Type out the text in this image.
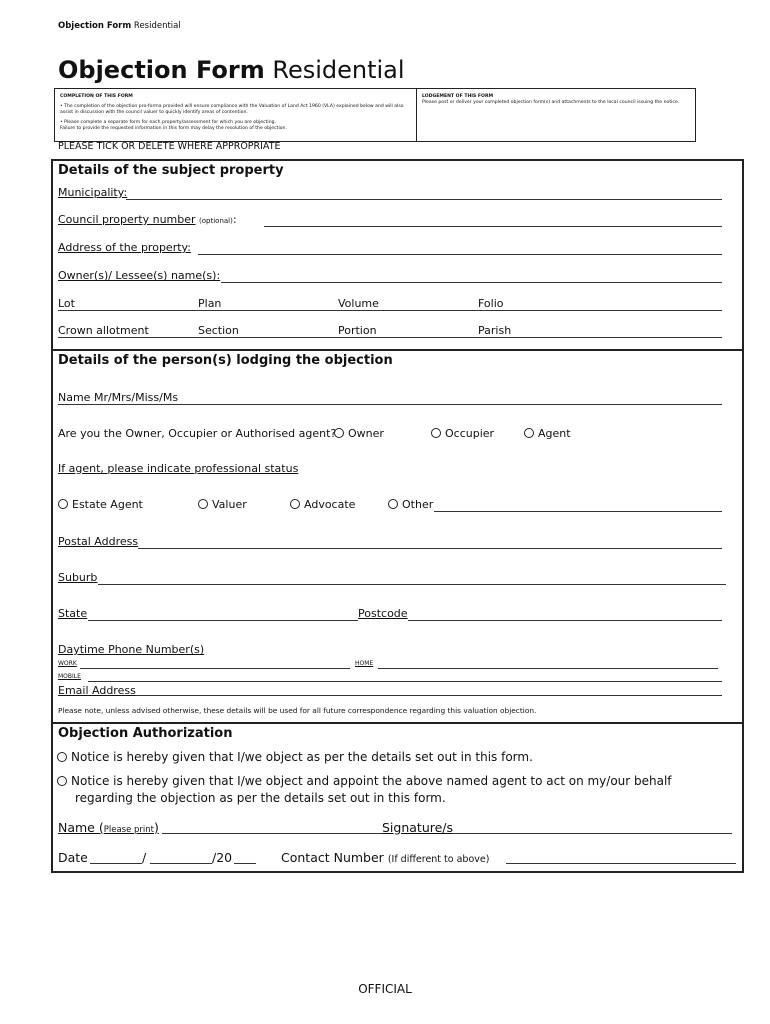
Objection Form Residential
Objection Form Residential

COMPLETION OF THIS FORM

• The completion of the objection pro-forma provided will ensure compliance with the Valuation of Land Act 1960 (VLA) explained below and will also assist in discussion with the council valuer to quickly identify areas of contention.

• Please complete a separate form for each property/assessment for which you are objecting.

Failure to provide the requested information in this form may delay the resolution of the objection.

LODGEMENT OF THIS FORM

Please post or deliver your completed objection form(s) and attachments to the local council issuing the notice.

PLEASE TICK OR DELETE WHERE APPROPRIATE
Details of the subject property
Municipality:
Council property number (optional):
Address of the property:
Owner(s)/ Lessee(s) name(s):
Lot	Plan	Volume	Folio
Crown allotment	Section	Portion	Parish
Details of the person(s) lodging the objection
Name Mr/Mrs/Miss/Ms
Are you the Owner, Occupier or Authorised agent?	Owner	Occupier	Agent
If agent, please indicate professional status
Estate Agent	Valuer	Advocate	Other
Postal Address
Suburb
State	Postcode
Daytime Phone Number(s)
WORK	HOME
MOBILE
Email Address
Please note, unless advised otherwise, these details will be used for all future correspondence regarding this valuation objection.
Objection Authorization
Notice is hereby given that I/we object as per the details set out in this form.
Notice is hereby given that I/we object and appoint the above named agent to act on my/our behalf
regarding the objection as per the details set out in this form.
Name (Please print)	Signature/s
Date	/	/20	Contact Number (If different to above)
OFFICIAL
